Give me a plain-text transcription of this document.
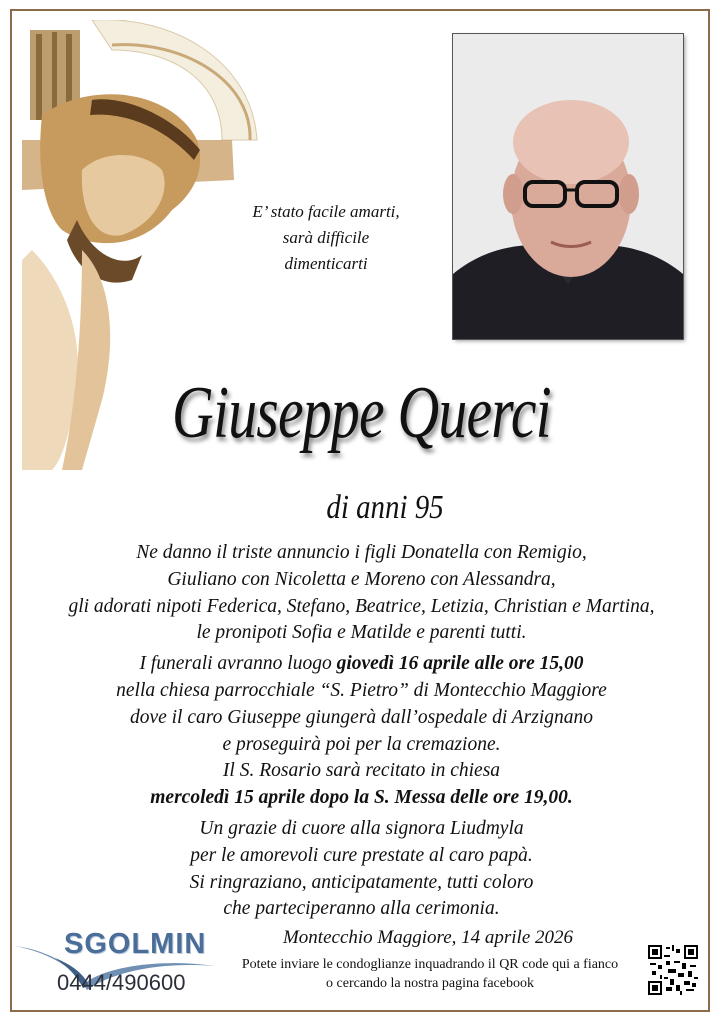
E’ stato facile amarti,
sarà difficile
dimenticarti
Giuseppe Querci
di anni 95
Ne danno il triste annuncio i figli Donatella con Remigio,
Giuliano con Nicoletta e Moreno con Alessandra,
gli adorati nipoti Federica, Stefano, Beatrice, Letizia, Christian e Martina,
le pronipoti Sofia e Matilde e parenti tutti.
I funerali avranno luogo giovedì 16 aprile alle ore 15,00
nella chiesa parrocchiale “S. Pietro” di Montecchio Maggiore
dove il caro Giuseppe giungerà dall’ospedale di Arzignano
e proseguirà poi per la cremazione.
Il S. Rosario sarà recitato in chiesa
mercoledì 15 aprile dopo la S. Messa delle ore 19,00.
Un grazie di cuore alla signora Liudmyla
per le amorevoli cure prestate al caro papà.
Si ringraziano, anticipatamente, tutti coloro
che parteciperanno alla cerimonia.
SGOLMIN
0444/490600
Montecchio Maggiore, 14 aprile 2026
Potete inviare le condoglianze inquadrando il QR code qui a fianco
o cercando la nostra pagina facebook
